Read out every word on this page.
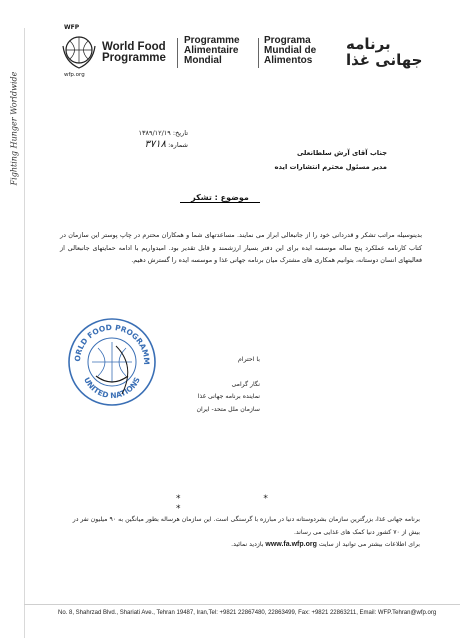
Fighting Hunger Worldwide
WFP
wfp.org
World Food
Programme
Programme
Alimentaire
Mondial
Programa
Mundial de
Alimentos
برنامه
جهانی غذا
تاریخ: ۱۳۸۹/۱۲/۱۹
شماره: ۳۷۱۸
جناب آقای آرش سلطانعلی
مدیر مسئول محترم انتشارات ایده
موضوع : تشکر

بدینوسیله مراتب تشکر و قدردانی خود را از جانبعالی ابراز می نمایند. مساعدتهای شما و همکاران محترم در چاپ پوستر این سازمان در کتاب کارنامه عملکرد پنج ساله موسسه ایده برای این دفتر بسیار ارزشمند و قابل تقدیر بود. امیدواریم با ادامه حمایتهای جانبعالی از فعالیتهای انسان دوستانه، بتوانیم همکاری های مشترک میان برنامه جهانی غذا و موسسه ایده را گسترش دهیم.

ORLD FOOD PROGRAMM
UNITED NATIONS
با احترام
نگار گرامی
نماینده برنامه جهانی غذا
سازمان ملل متحد- ایران
* * *

برنامه جهانی غذا، بزرگترین سازمان بشردوستانه دنیا در مبارزه با گرسنگی است. این سازمان هرساله بطور میانگین به ۹۰ میلیون نفر در بیش از ۷۰ کشور دنیا کمک های غذایی می رساند.

برای اطلاعات بیشتر می توانید از سایت www.fa.wfp.org بازدید نمائید.

No. 8, Shahrzad Blvd., Shariati Ave., Tehran 19487, Iran,Tel: +9821 22867480, 22863499, Fax: +9821 22863211, Email: WFP.Tehran@wfp.org
